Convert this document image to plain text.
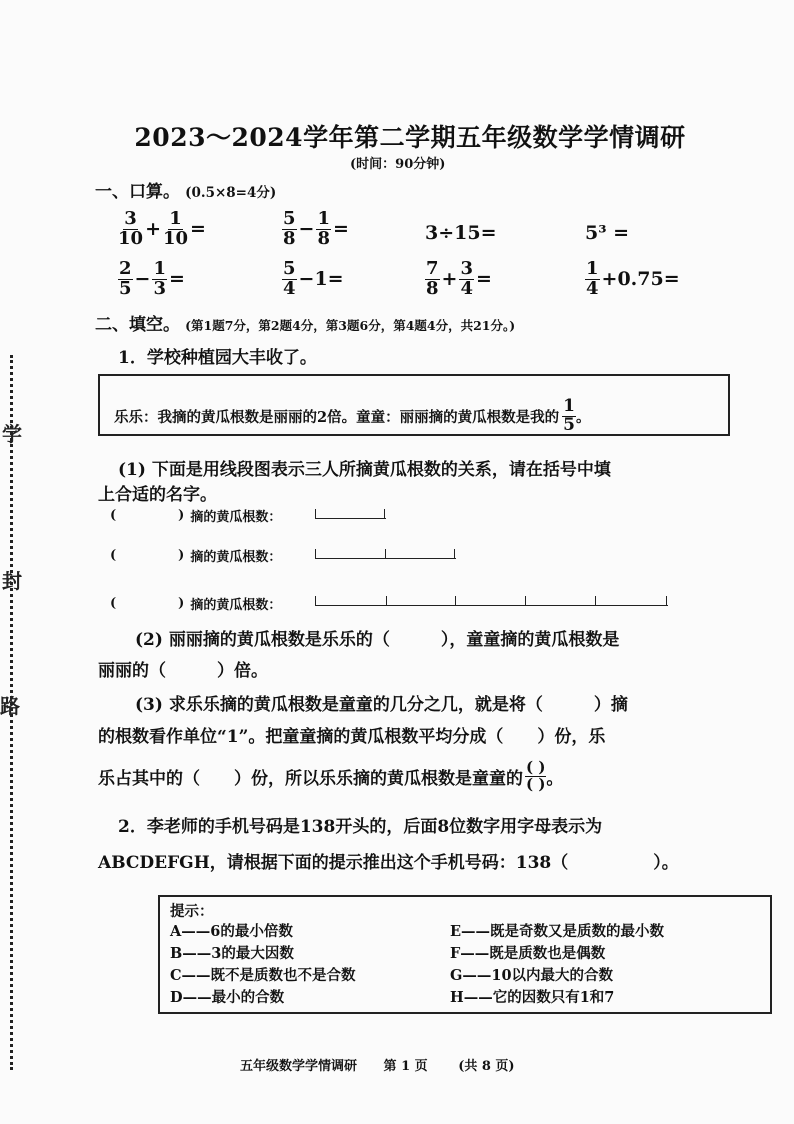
学
封
路
2023～2024学年第二学期五年级数学学情调研
(时间：90分钟)
一、口算。 (0.5×8=4分)
$\frac{3}{10} + \frac{1}{10}$ =	$\frac{5}{8} - \frac{1}{8}$ =	3÷15=	5³ =
$\frac{2}{5} - \frac{1}{3}$ =	$\frac{5}{4} -1=$	$\frac{7}{8} + \frac{3}{4}$ =	$\frac{1}{4} +0.75=$
二、填空。 (第1题7分，第2题4分，第3题6分，第4题4分，共21分。)
1．学校种植园大丰收了。
乐乐：我摘的黄瓜根数是丽丽的2倍。童童：丽丽摘的黄瓜根数是我的 $\frac{1}{5}$ 。
(1) 下面是用线段图表示三人所摘黄瓜根数的关系，请在括号中填
上合适的名字。
(	) 摘的黄瓜根数：
(	) 摘的黄瓜根数：
(	) 摘的黄瓜根数：
(2) 丽丽摘的黄瓜根数是乐乐的（　　　），童童摘的黄瓜根数是
丽丽的（　　　）倍。
(3) 求乐乐摘的黄瓜根数是童童的几分之几，就是将（　　　）摘
的根数看作单位“1”。把童童摘的黄瓜根数平均分成（　　）份，乐
乐占其中的（　　）份，所以乐乐摘的黄瓜根数是童童的 $\frac{( )}{( )}$ 。
2．李老师的手机号码是138开头的，后面8位数字用字母表示为
ABCDEFGH，请根据下面的提示推出这个手机号码：138（　　　　　）。
提示：
A——6的最小倍数
B——3的最大因数
C——既不是质数也不是合数
D——最小的合数
E——既是奇数又是质数的最小数
F——既是质数也是偶数
G——10以内最大的合数
H——它的因数只有1和7
五年级数学学情调研 第 1 页 (共 8 页)
